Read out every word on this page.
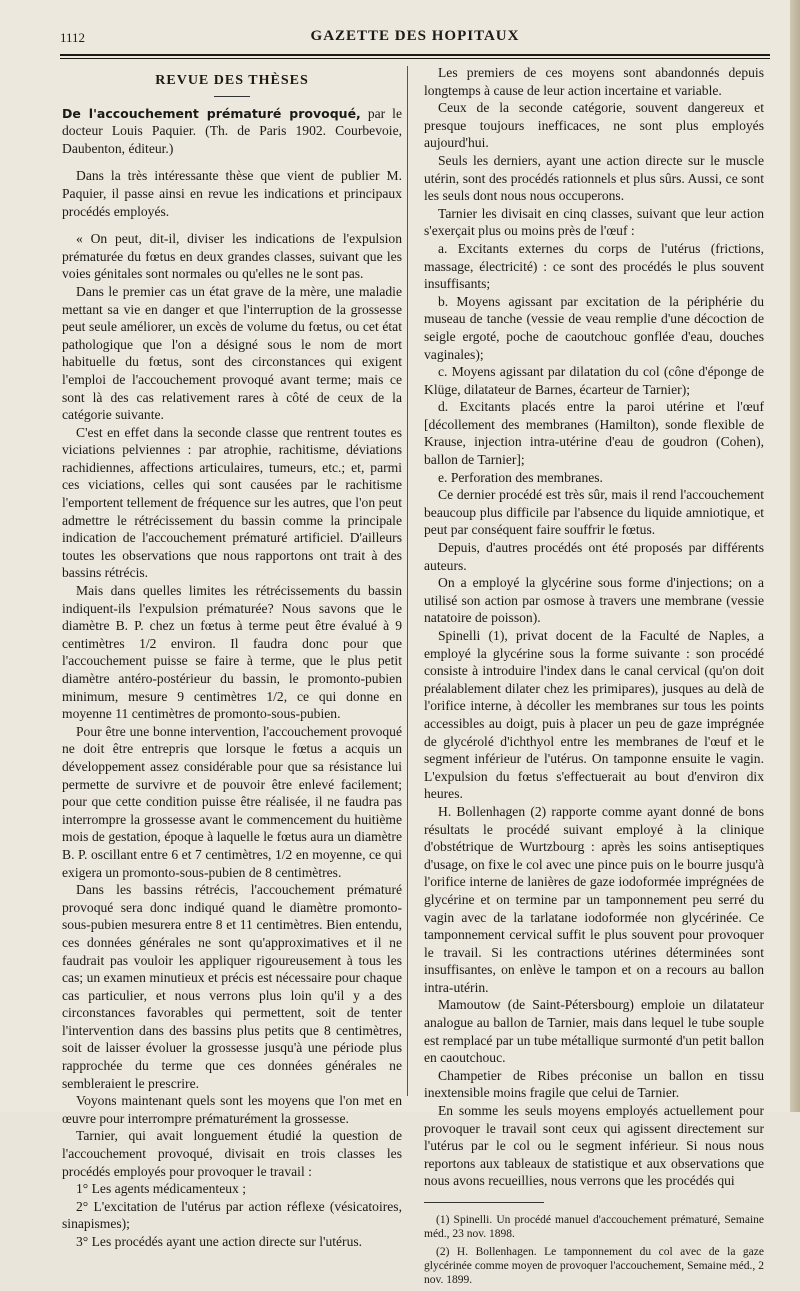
1112	GAZETTE DES HOPITAUX
REVUE DES THÈSES

De l'accouchement prématuré provoqué, par le docteur Louis Paquier. (Th. de Paris 1902. Courbevoie, Daubenton, éditeur.)

Dans la très intéressante thèse que vient de publier M. Paquier, il passe ainsi en revue les indications et principaux procédés employés.

« On peut, dit-il, diviser les indications de l'expulsion prématurée du fœtus en deux grandes classes, suivant que les voies génitales sont normales ou qu'elles ne le sont pas.

Dans le premier cas un état grave de la mère, une maladie mettant sa vie en danger et que l'interruption de la grossesse peut seule améliorer, un excès de volume du fœtus, ou cet état pathologique que l'on a désigné sous le nom de mort habituelle du fœtus, sont des circonstances qui exigent l'emploi de l'accouchement provoqué avant terme; mais ce sont là des cas relativement rares à côté de ceux de la catégorie suivante.

C'est en effet dans la seconde classe que rentrent toutes es viciations pelviennes : par atrophie, rachitisme, déviations rachidiennes, affections articulaires, tumeurs, etc.; et, parmi ces viciations, celles qui sont causées par le rachitisme l'emportent tellement de fréquence sur les autres, que l'on peut admettre le rétrécissement du bassin comme la principale indication de l'accouchement prématuré artificiel. D'ailleurs toutes les observations que nous rapportons ont trait à des bassins rétrécis.

Mais dans quelles limites les rétrécissements du bassin indiquent-ils l'expulsion prématurée? Nous savons que le diamètre B. P. chez un fœtus à terme peut être évalué à 9 centimètres 1/2 environ. Il faudra donc pour que l'accouchement puisse se faire à terme, que le plus petit diamètre antéro-postérieur du bassin, le promonto-pubien minimum, mesure 9 centimètres 1/2, ce qui donne en moyenne 11 centimètres de promonto-sous-pubien.

Pour être une bonne intervention, l'accouchement provoqué ne doit être entrepris que lorsque le fœtus a acquis un développement assez considérable pour que sa résistance lui permette de survivre et de pouvoir être enlevé facilement; pour que cette condition puisse être réalisée, il ne faudra pas interrompre la grossesse avant le commencement du huitième mois de gestation, époque à laquelle le fœtus aura un diamètre B. P. oscillant entre 6 et 7 centimètres, 1/2 en moyenne, ce qui exigera un promonto-sous-pubien de 8 centimètres.

Dans les bassins rétrécis, l'accouchement prématuré provoqué sera donc indiqué quand le diamètre promonto-sous-pubien mesurera entre 8 et 11 centimètres. Bien entendu, ces données générales ne sont qu'approximatives et il ne faudrait pas vouloir les appliquer rigoureusement à tous les cas; un examen minutieux et précis est nécessaire pour chaque cas particulier, et nous verrons plus loin qu'il y a des circonstances favorables qui permettent, soit de tenter l'intervention dans des bassins plus petits que 8 centimètres, soit de laisser évoluer la grossesse jusqu'à une période plus rapprochée du terme que ces données générales ne sembleraient le prescrire.

Voyons maintenant quels sont les moyens que l'on met en œuvre pour interrompre prématurément la grossesse.

Tarnier, qui avait longuement étudié la question de l'accouchement provoqué, divisait en trois classes les procédés employés pour provoquer le travail :

1° Les agents médicamenteux ;

2° L'excitation de l'utérus par action réflexe (vésicatoires, sinapismes);

3° Les procédés ayant une action directe sur l'utérus.

Les premiers de ces moyens sont abandonnés depuis longtemps à cause de leur action incertaine et variable.

Ceux de la seconde catégorie, souvent dangereux et presque toujours inefficaces, ne sont plus employés aujourd'hui.

Seuls les derniers, ayant une action directe sur le muscle utérin, sont des procédés rationnels et plus sûrs. Aussi, ce sont les seuls dont nous nous occuperons.

Tarnier les divisait en cinq classes, suivant que leur action s'exerçait plus ou moins près de l'œuf :

a. Excitants externes du corps de l'utérus (frictions, massage, électricité) : ce sont des procédés le plus souvent insuffisants;

b. Moyens agissant par excitation de la périphérie du museau de tanche (vessie de veau remplie d'une décoction de seigle ergoté, poche de caoutchouc gonflée d'eau, douches vaginales);

c. Moyens agissant par dilatation du col (cône d'éponge de Klüge, dilatateur de Barnes, écarteur de Tarnier);

d. Excitants placés entre la paroi utérine et l'œuf [décollement des membranes (Hamilton), sonde flexible de Krause, injection intra-utérine d'eau de goudron (Cohen), ballon de Tarnier];

e. Perforation des membranes.

Ce dernier procédé est très sûr, mais il rend l'accouchement beaucoup plus difficile par l'absence du liquide amniotique, et peut par conséquent faire souffrir le fœtus.

Depuis, d'autres procédés ont été proposés par différents auteurs.

On a employé la glycérine sous forme d'injections; on a utilisé son action par osmose à travers une membrane (vessie natatoire de poisson).

Spinelli (1), privat docent de la Faculté de Naples, a employé la glycérine sous la forme suivante : son procédé consiste à introduire l'index dans le canal cervical (qu'on doit préalablement dilater chez les primipares), jusques au delà de l'orifice interne, à décoller les membranes sur tous les points accessibles au doigt, puis à placer un peu de gaze imprégnée de glycérolé d'ichthyol entre les membranes de l'œuf et le segment inférieur de l'utérus. On tamponne ensuite le vagin. L'expulsion du fœtus s'effectuerait au bout d'environ dix heures.

H. Bollenhagen (2) rapporte comme ayant donné de bons résultats le procédé suivant employé à la clinique d'obstétrique de Wurtzbourg : après les soins antiseptiques d'usage, on fixe le col avec une pince puis on le bourre jusqu'à l'orifice interne de lanières de gaze iodoformée imprégnées de glycérine et on termine par un tamponnement peu serré du vagin avec de la tarlatane iodoformée non glycérinée. Ce tamponnement cervical suffit le plus souvent pour provoquer le travail. Si les contractions utérines déterminées sont insuffisantes, on enlève le tampon et on a recours au ballon intra-utérin.

Mamoutow (de Saint-Pétersbourg) emploie un dilatateur analogue au ballon de Tarnier, mais dans lequel le tube souple est remplacé par un tube métallique surmonté d'un petit ballon en caoutchouc.

Champetier de Ribes préconise un ballon en tissu inextensible moins fragile que celui de Tarnier.

En somme les seuls moyens employés actuellement pour provoquer le travail sont ceux qui agissent directement sur l'utérus par le col ou le segment inférieur. Si nous nous reportons aux tableaux de statistique et aux observations que nous avons recueillies, nous verrons que les procédés qui

(1) Spinelli. Un procédé manuel d'accouchement prématuré, Semaine méd., 23 nov. 1898.

(2) H. Bollenhagen. Le tamponnement du col avec de la gaze glycérinée comme moyen de provoquer l'accouchement, Semaine méd., 2 nov. 1899.
